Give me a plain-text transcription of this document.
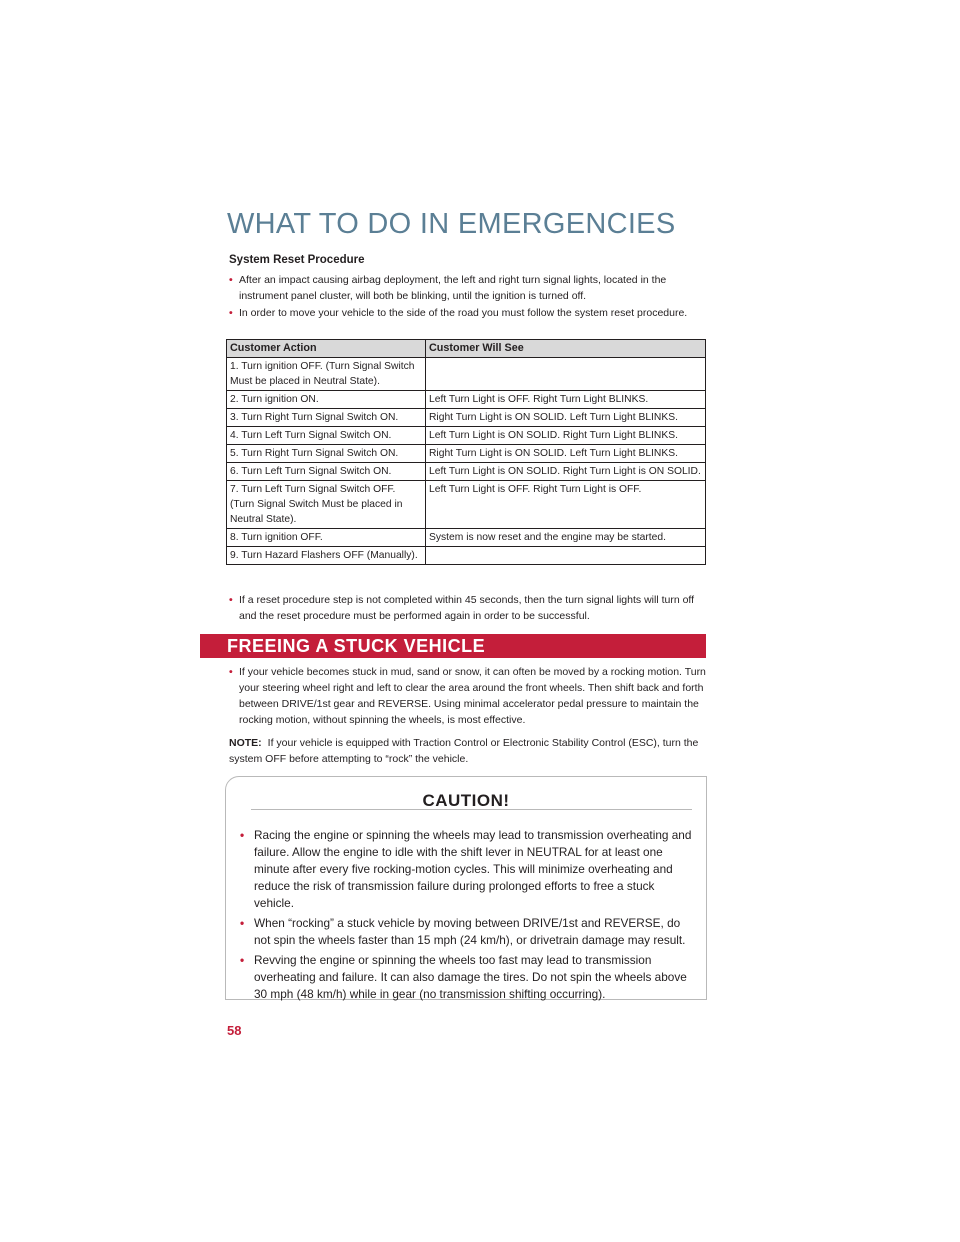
WHAT TO DO IN EMERGENCIES
System Reset Procedure
• After an impact causing airbag deployment, the left and right turn signal lights, located in the instrument panel cluster, will both be blinking, until the ignition is turned off.
• In order to move your vehicle to the side of the road you must follow the system reset procedure.
Customer Action	Customer Will See
1. Turn ignition OFF. (Turn Signal Switch Must be placed in Neutral State).	
2. Turn ignition ON.	Left Turn Light is OFF. Right Turn Light BLINKS.
3. Turn Right Turn Signal Switch ON.	Right Turn Light is ON SOLID. Left Turn Light BLINKS.
4. Turn Left Turn Signal Switch ON.	Left Turn Light is ON SOLID. Right Turn Light BLINKS.
5. Turn Right Turn Signal Switch ON.	Right Turn Light is ON SOLID. Left Turn Light BLINKS.
6. Turn Left Turn Signal Switch ON.	Left Turn Light is ON SOLID. Right Turn Light is ON SOLID.
7. Turn Left Turn Signal Switch OFF. (Turn Signal Switch Must be placed in Neutral State).	Left Turn Light is OFF. Right Turn Light is OFF.
8. Turn ignition OFF.	System is now reset and the engine may be started.
9. Turn Hazard Flashers OFF (Manually).	
• If a reset procedure step is not completed within 45 seconds, then the turn signal lights will turn off and the reset procedure must be performed again in order to be successful.
FREEING A STUCK VEHICLE
• If your vehicle becomes stuck in mud, sand or snow, it can often be moved by a rocking motion. Turn your steering wheel right and left to clear the area around the front wheels. Then shift back and forth between DRIVE/1st gear and REVERSE. Using minimal accelerator pedal pressure to maintain the rocking motion, without spinning the wheels, is most effective.

NOTE: If your vehicle is equipped with Traction Control or Electronic Stability Control (ESC), turn the system OFF before attempting to “rock” the vehicle.

CAUTION!
• Racing the engine or spinning the wheels may lead to transmission overheating and failure. Allow the engine to idle with the shift lever in NEUTRAL for at least one minute after every five rocking-motion cycles. This will minimize overheating and reduce the risk of transmission failure during prolonged efforts to free a stuck vehicle.
• When “rocking” a stuck vehicle by moving between DRIVE/1st and REVERSE, do not spin the wheels faster than 15 mph (24 km/h), or drivetrain damage may result.
• Revving the engine or spinning the wheels too fast may lead to transmission overheating and failure. It can also damage the tires. Do not spin the wheels above 30 mph (48 km/h) while in gear (no transmission shifting occurring).
58
